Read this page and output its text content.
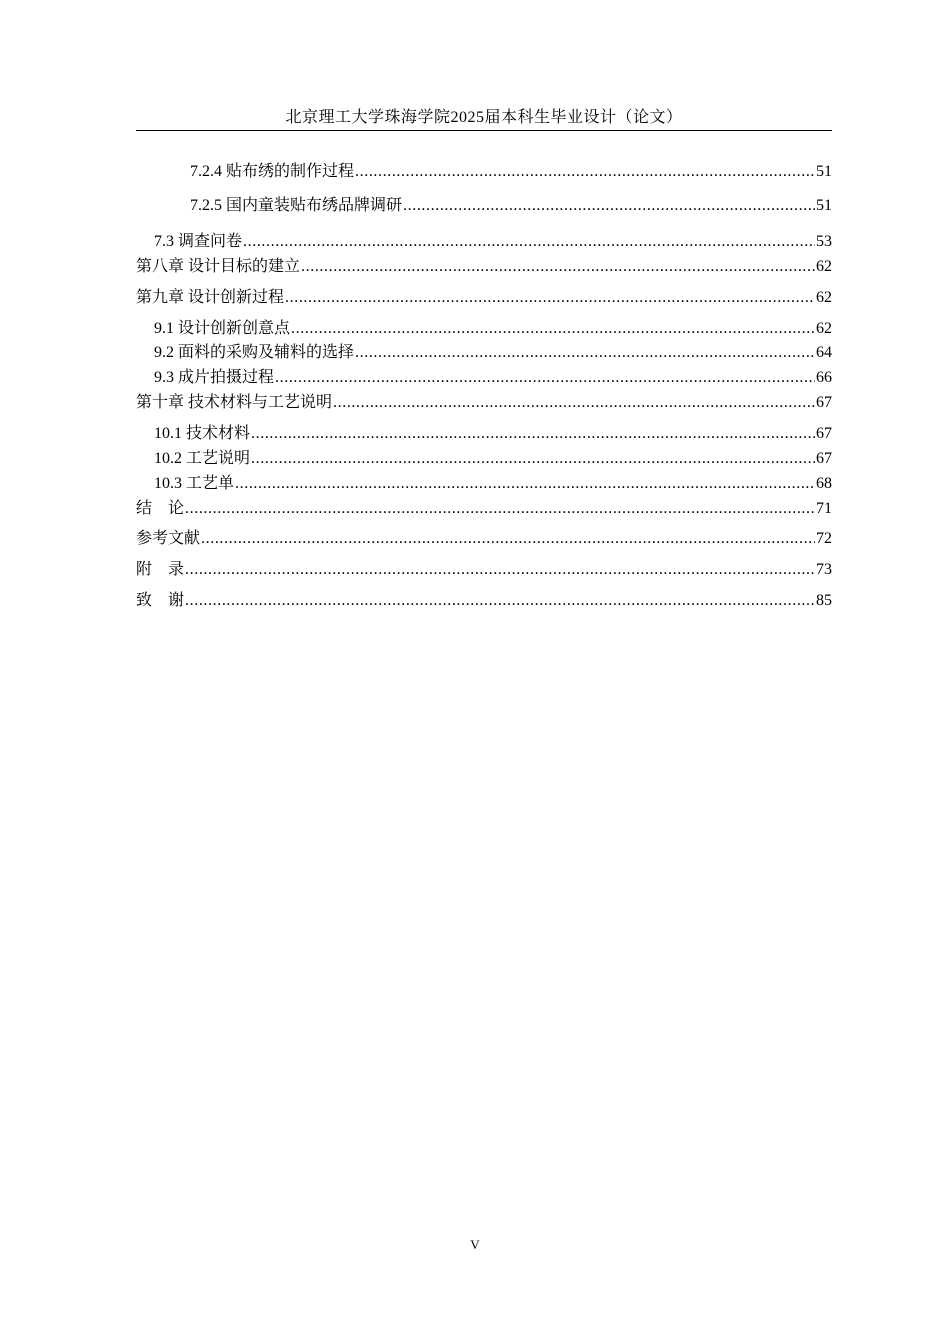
北京理工大学珠海学院2025届本科生毕业设计（论文）
7.2.4 贴布绣的制作过程 .....	51
7.2.5 国内童装贴布绣品牌调研 .....	51
7.3 调查问卷 .....	53
第八章 设计目标的建立 .....	62
第九章 设计创新过程 .....	62
9.1 设计创新创意点 .....	62
9.2 面料的采购及辅料的选择 .....	64
9.3 成片拍摄过程 .....	66
第十章 技术材料与工艺说明 .....	67
10.1 技术材料 .....	67
10.2 工艺说明 .....	67
10.3 工艺单 .....	68
结　论 .....	71
参考文献 .....	72
附　录 .....	73
致　谢 .....	85
V
